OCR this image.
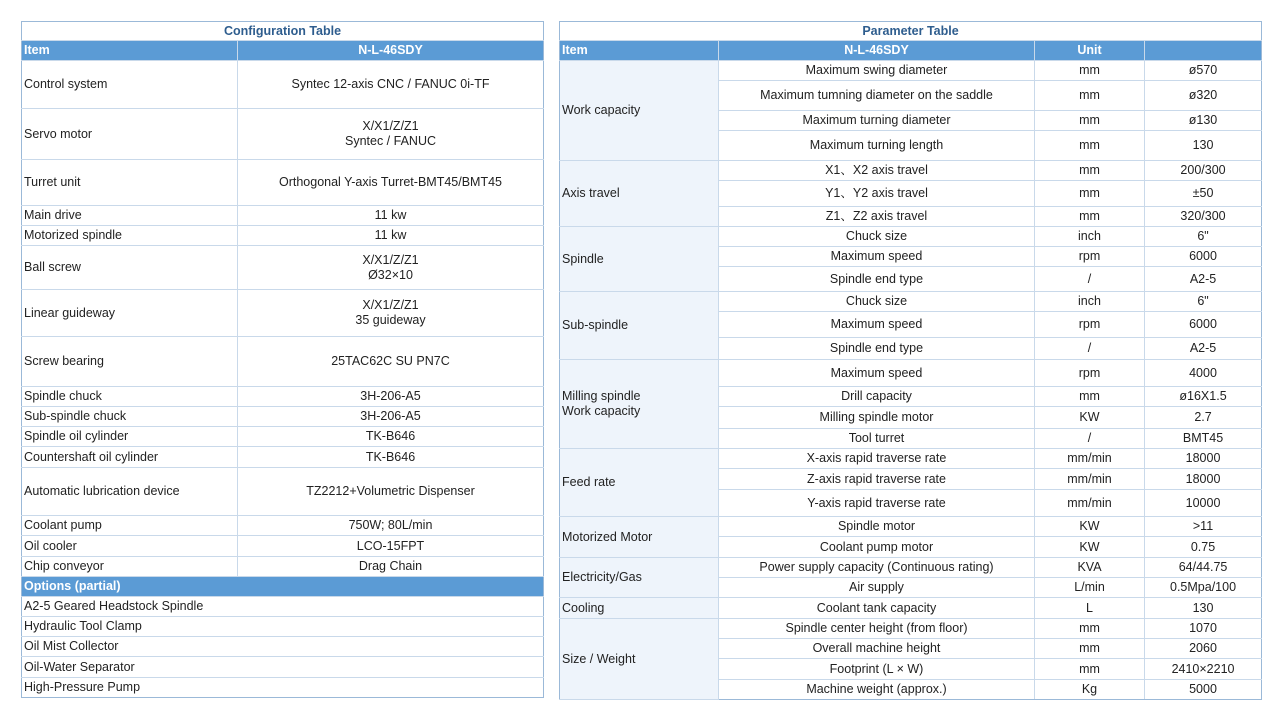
Configuration Table	
Item	N-L-46SDY
Control system	Syntec 12-axis CNC / FANUC 0i-TF
Servo motor	X/X1/Z/Z1
Syntec / FANUC
Turret unit	Orthogonal Y-axis Turret-BMT45/BMT45
Main drive	11 kw
Motorized spindle	11 kw
Ball screw	X/X1/Z/Z1
Ø32×10
Linear guideway	X/X1/Z/Z1
35 guideway
Screw bearing	25TAC62C SU PN7C
Spindle chuck	3H-206-A5
Sub-spindle chuck	3H-206-A5
Spindle oil cylinder	TK-B646
Countershaft oil cylinder	TK-B646
Automatic lubrication device	TZ2212+Volumetric Dispenser
Coolant pump	750W; 80L/min
Oil cooler	LCO-15FPT
Chip conveyor	Drag Chain
Options (partial)	
A2-5 Geared Headstock Spindle	
Hydraulic Tool Clamp	
Oil Mist Collector	
Oil-Water Separator	
High-Pressure Pump	
Parameter Table			
Item	N-L-46SDY	Unit	
Work capacity	Maximum swing diameter	mm	ø570
	Maximum tumning diameter on the saddle	mm	ø320
	Maximum turning diameter	mm	ø130
	Maximum turning length	mm	130
Axis travel	X1、X2 axis travel	mm	200/300
	Y1、Y2 axis travel	mm	±50
	Z1、Z2 axis travel	mm	320/300
Spindle	Chuck size	inch	6"
	Maximum speed	rpm	6000
	Spindle end type	/	A2-5
Sub-spindle	Chuck size	inch	6"
	Maximum speed	rpm	6000
	Spindle end type	/	A2-5
Milling spindle
Work capacity	Maximum speed	rpm	4000
	Drill capacity	mm	ø16X1.5
	Milling spindle motor	KW	2.7
	Tool turret	/	BMT45
Feed rate	X-axis rapid traverse rate	mm/min	18000
	Z-axis rapid traverse rate	mm/min	18000
	Y-axis rapid traverse rate	mm/min	10000
Motorized Motor	Spindle motor	KW	>11
	Coolant pump motor	KW	0.75
Electricity/Gas	Power supply capacity (Continuous rating)	KVA	64/44.75
	Air supply	L/min	0.5Mpa/100
Cooling	Coolant tank capacity	L	130
Size / Weight	Spindle center height (from floor)	mm	1070
	Overall machine height	mm	2060
	Footprint (L × W)	mm	2410×2210
	Machine weight (approx.)	Kg	5000
